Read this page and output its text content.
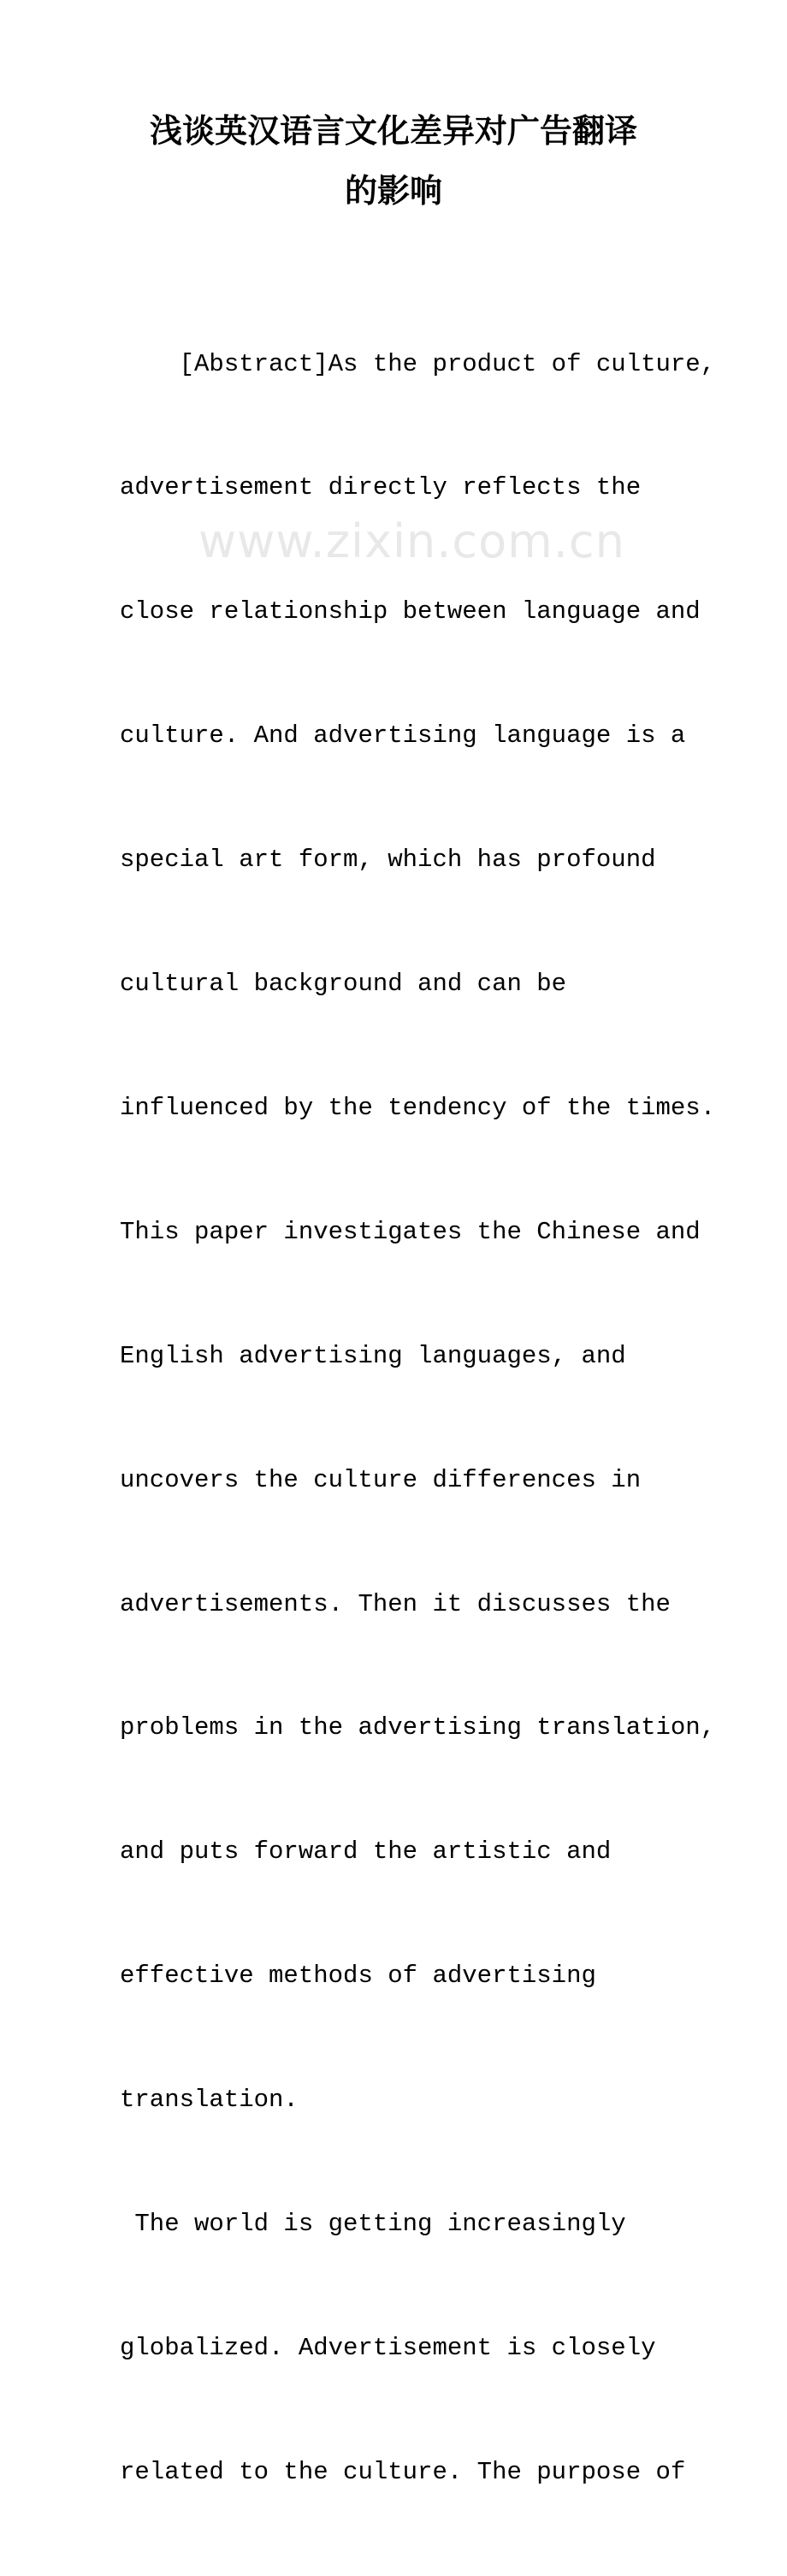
浅谈英汉语言文化差异对广告翻译
的影响

[Abstract]As the product of culture,

advertisement directly reflects the

close relationship between language and

culture. And advertising language is a

special art form, which has profound

cultural background and can be

influenced by the tendency of the times.

This paper investigates the Chinese and

English advertising languages, and

uncovers the culture differences in

advertisements. Then it discusses the

problems in the advertising translation,

and puts forward the artistic and

effective methods of advertising

translation.

The world is getting increasingly

globalized. Advertisement is closely

related to the culture. The purpose of

www.zixin.com.cn
